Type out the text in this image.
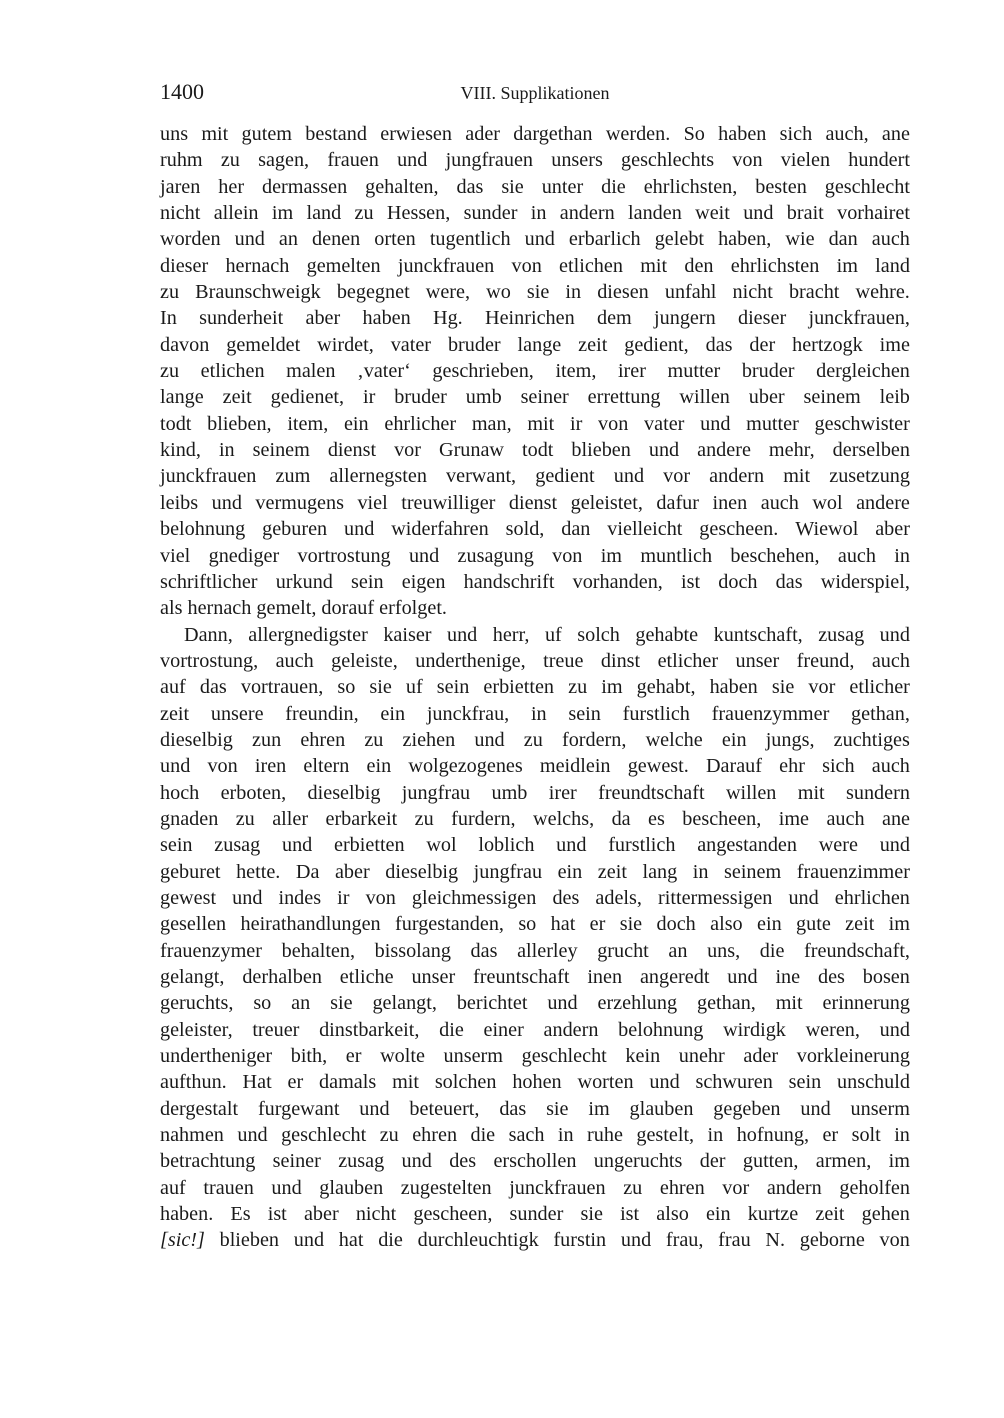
1400	VIII. Supplikationen
uns mit gutem bestand erwiesen ader dargethan werden. So haben sich auch, ane
ruhm zu sagen, frauen und jungfrauen unsers geschlechts von vielen hundert
jaren her dermassen gehalten, das sie unter die ehrlichsten, besten geschlecht
nicht allein im land zu Hessen, sunder in andern landen weit und brait vorhairet
worden und an denen orten tugentlich und erbarlich gelebt haben, wie dan auch
dieser hernach gemelten junckfrauen von etlichen mit den ehrlichsten im land
zu Braunschweigk begegnet were, wo sie in diesen unfahl nicht bracht wehre.
In sunderheit aber haben Hg. Heinrichen dem jungern dieser junckfrauen,
davon gemeldet wirdet, vater bruder lange zeit gedient, das der hertzogk ime
zu etlichen malen ‚vater‘ geschrieben, item, irer mutter bruder dergleichen
lange zeit gedienet, ir bruder umb seiner errettung willen uber seinem leib
todt blieben, item, ein ehrlicher man, mit ir von vater und mutter geschwister
kind, in seinem dienst vor Grunaw todt blieben und andere mehr, derselben
junckfrauen zum allernegsten verwant, gedient und vor andern mit zusetzung
leibs und vermugens viel treuwilliger dienst geleistet, dafur inen auch wol andere
belohnung geburen und widerfahren sold, dan vielleicht gescheen. Wiewol aber
viel gnediger vortrostung und zusagung von im muntlich beschehen, auch in
schriftlicher urkund sein eigen handschrift vorhanden, ist doch das widerspiel,
als hernach gemelt, dorauf erfolget.
Dann, allergnedigster kaiser und herr, uf solch gehabte kuntschaft, zusag und
vortrostung, auch geleiste, underthenige, treue dinst etlicher unser freund, auch
auf das vortrauen, so sie uf sein erbietten zu im gehabt, haben sie vor etlicher
zeit unsere freundin, ein junckfrau, in sein furstlich frauenzymmer gethan,
dieselbig zun ehren zu ziehen und zu fordern, welche ein jungs, zuchtiges
und von iren eltern ein wolgezogenes meidlein gewest. Darauf ehr sich auch
hoch erboten, dieselbig jungfrau umb irer freundtschaft willen mit sundern
gnaden zu aller erbarkeit zu furdern, welchs, da es bescheen, ime auch ane
sein zusag und erbietten wol loblich und furstlich angestanden were und
geburet hette. Da aber dieselbig jungfrau ein zeit lang in seinem frauenzimmer
gewest und indes ir von gleichmessigen des adels, rittermessigen und ehrlichen
gesellen heirathandlungen furgestanden, so hat er sie doch also ein gute zeit im
frauenzymer behalten, bissolang das allerley grucht an uns, die freundschaft,
gelangt, derhalben etliche unser freuntschaft inen angeredt und ine des bosen
geruchts, so an sie gelangt, berichtet und erzehlung gethan, mit erinnerung
geleister, treuer dinstbarkeit, die einer andern belohnung wirdigk weren, und
undertheniger bith, er wolte unserm geschlecht kein unehr ader vorkleinerung
aufthun. Hat er damals mit solchen hohen worten und schwuren sein unschuld
dergestalt furgewant und beteuert, das sie im glauben gegeben und unserm
nahmen und geschlecht zu ehren die sach in ruhe gestelt, in hofnung, er solt in
betrachtung seiner zusag und des erschollen ungeruchts der gutten, armen, im
auf trauen und glauben zugestelten junckfrauen zu ehren vor andern geholfen
haben. Es ist aber nicht gescheen, sunder sie ist also ein kurtze zeit gehen
[sic!] blieben und hat die durchleuchtigk furstin und frau, frau N. geborne von
